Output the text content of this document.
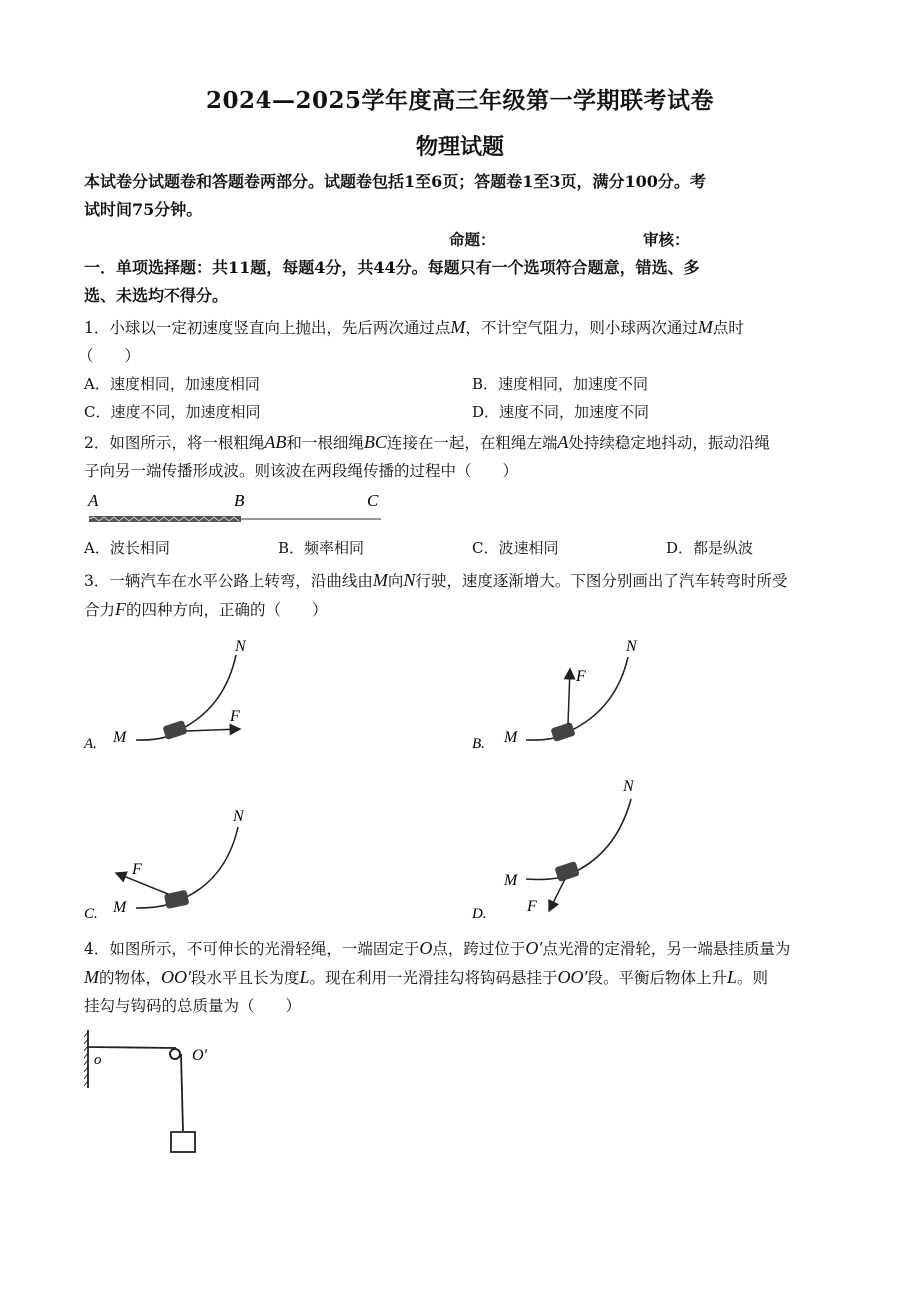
2024—2025学年度高三年级第一学期联考试卷
物理试题
本试卷分试题卷和答题卷两部分。试题卷包括1至6页；答题卷1至3页，满分100分。考
试时间75分钟。
命题：	审核：
一．单项选择题：共11题，每题4分，共44分。每题只有一个选项符合题意，错选、多
选、未选均不得分。
1．小球以一定初速度竖直向上抛出，先后两次通过点M，不计空气阻力，则小球两次通过M点时
（　　）
A．速度相同，加速度相同	B．速度相同，加速度不同
C．速度不同，加速度相同	D．速度不同，加速度不同
2．如图所示，将一根粗绳AB和一根细绳BC连接在一起，在粗绳左端A处持续稳定地抖动，振动沿绳
子向另一端传播形成波。则该波在两段绳传播的过程中（　　）
A	B	C
A．波长相同	B．频率相同	C．波速相同	D．都是纵波
3．一辆汽车在水平公路上转弯，沿曲线由M向N行驶，速度逐渐增大。下图分别画出了汽车转弯时所受
合力F的四种方向，正确的（　　）
A. M
N
F
B. M
N
F
C. M
N
F
D.
M
N
F
4．如图所示，不可伸长的光滑轻绳，一端固定于O点，跨过位于O′点光滑的定滑轮，另一端悬挂质量为
M的物体，OO′段水平且长为度L。现在利用一光滑挂勾将钩码悬挂于OO′段。平衡后物体上升L。则
挂勾与钩码的总质量为（　　）
o	O′
